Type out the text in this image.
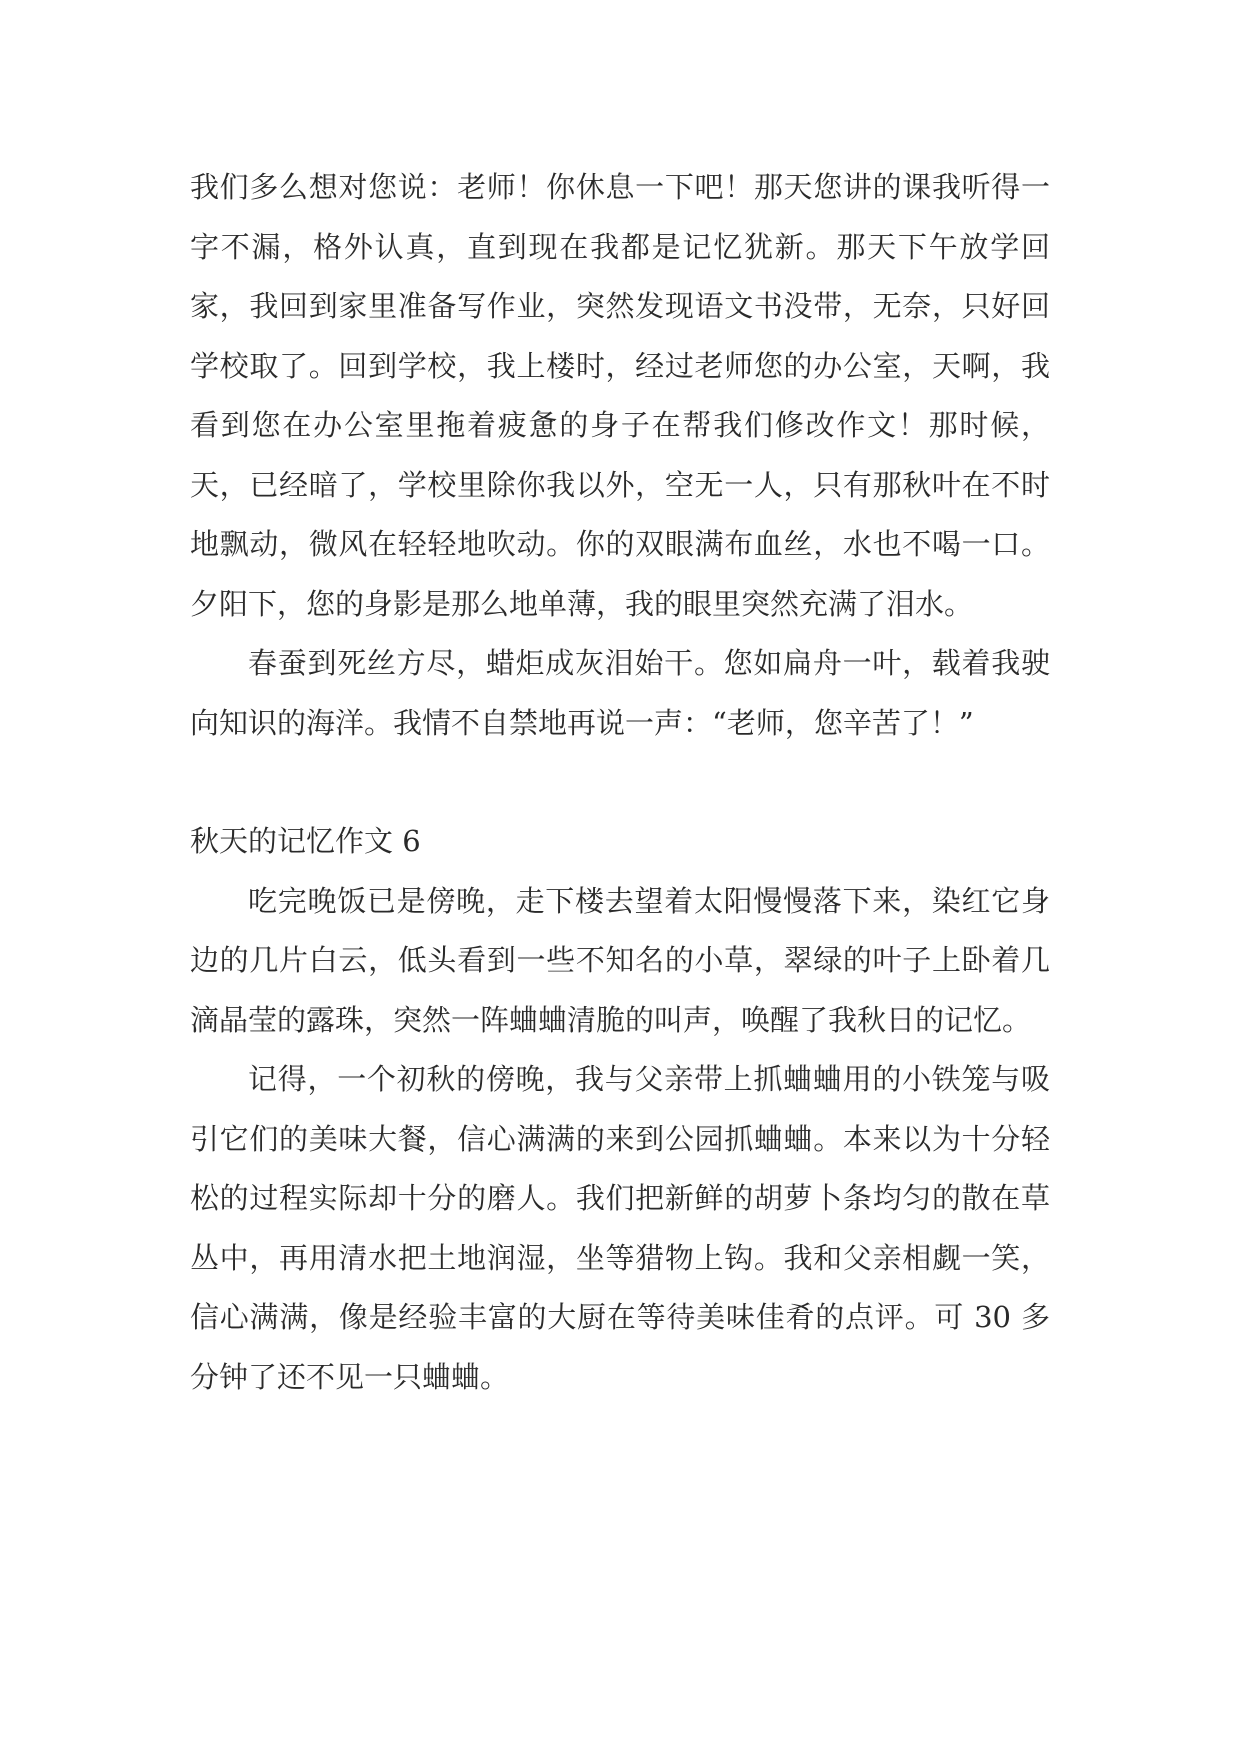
我们多么想对您说：老师！你休息一下吧！那天您讲的课我听得一字不漏，格外认真，直到现在我都是记忆犹新。那天下午放学回家，我回到家里准备写作业，突然发现语文书没带，无奈，只好回学校取了。回到学校，我上楼时，经过老师您的办公室，天啊，我看到您在办公室里拖着疲惫的身子在帮我们修改作文！那时候，天，已经暗了，学校里除你我以外，空无一人，只有那秋叶在不时地飘动，微风在轻轻地吹动。你的双眼满布血丝，水也不喝一口。夕阳下，您的身影是那么地单薄，我的眼里突然充满了泪水。

春蚕到死丝方尽，蜡炬成灰泪始干。您如扁舟一叶，载着我驶向知识的海洋。我情不自禁地再说一声：“老师，您辛苦了！”

秋天的记忆作文 6

吃完晚饭已是傍晚，走下楼去望着太阳慢慢落下来，染红它身边的几片白云，低头看到一些不知名的小草，翠绿的叶子上卧着几滴晶莹的露珠，突然一阵蛐蛐清脆的叫声，唤醒了我秋日的记忆。

记得，一个初秋的傍晚，我与父亲带上抓蛐蛐用的小铁笼与吸引它们的美味大餐，信心满满的来到公园抓蛐蛐。本来以为十分轻松的过程实际却十分的磨人。我们把新鲜的胡萝卜条均匀的散在草丛中，再用清水把土地润湿，坐等猎物上钩。我和父亲相觑一笑，信心满满，像是经验丰富的大厨在等待美味佳肴的点评。可 30 多分钟了还不见一只蛐蛐。
